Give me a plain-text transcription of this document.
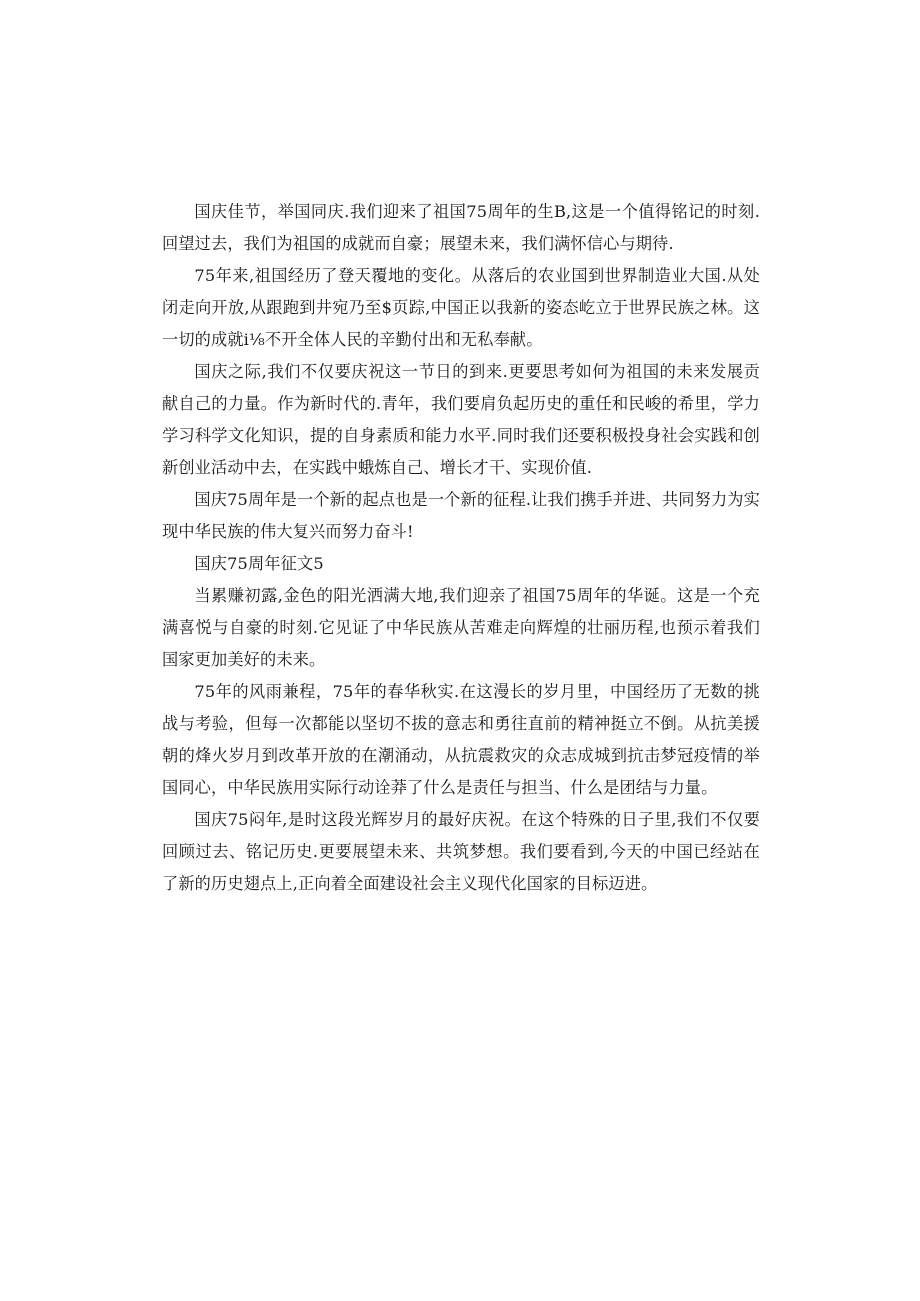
国庆佳节，举国同庆.我们迎来了祖国75周年的生B,这是一个值得铭记的时刻.回望过去，我们为祖国的成就而自豪；展望未来，我们满怀信心与期待.

75年来,祖国经历了登天覆地的变化。从落后的农业国到世界制造业大国.从处闭走向开放,从跟跑到井宛乃至$页踪,中国正以我新的姿态屹立于世界民族之林。这一切的成就i⅛不开全体人民的辛勤付出和无私奉献。

国庆之际,我们不仅要庆祝这一节日的到来.更要思考如何为祖国的未来发展贡献自己的力量。作为新时代的.青年，我们要肩负起历史的重任和民峻的希里，学力学习科学文化知识，提的自身素质和能力水平.同时我们还要积极投身社会实践和创新创业活动中去，在实践中蛾炼自己、增长才干、实现价值.

国庆75周年是一个新的起点也是一个新的征程.让我们携手并进、共同努力为实现中华民族的伟大复兴而努力奋斗!

国庆75周年征文5

当累赚初露,金色的阳光洒满大地,我们迎亲了祖国75周年的华诞。这是一个充满喜悦与自豪的时刻.它见证了中华民族从苦难走向辉煌的壮丽历程,也预示着我们国家更加美好的未来。

75年的风雨兼程，75年的春华秋实.在这漫长的岁月里，中国经历了无数的挑战与考验，但每一次都能以坚切不拔的意志和勇往直前的精神挺立不倒。从抗美援朝的烽火岁月到改革开放的在潮涌动，从抗震救灾的众志成城到抗击梦冠疫情的举国同心，中华民族用实际行动诠莽了什么是责任与担当、什么是团结与力量。

国庆75闷年,是时这段光辉岁月的最好庆祝。在这个特殊的日子里,我们不仅要回顾过去、铭记历史.更要展望未来、共筑梦想。我们要看到,今天的中国已经站在了新的历史翅点上,正向着全面建设社会主义现代化国家的目标迈进。
